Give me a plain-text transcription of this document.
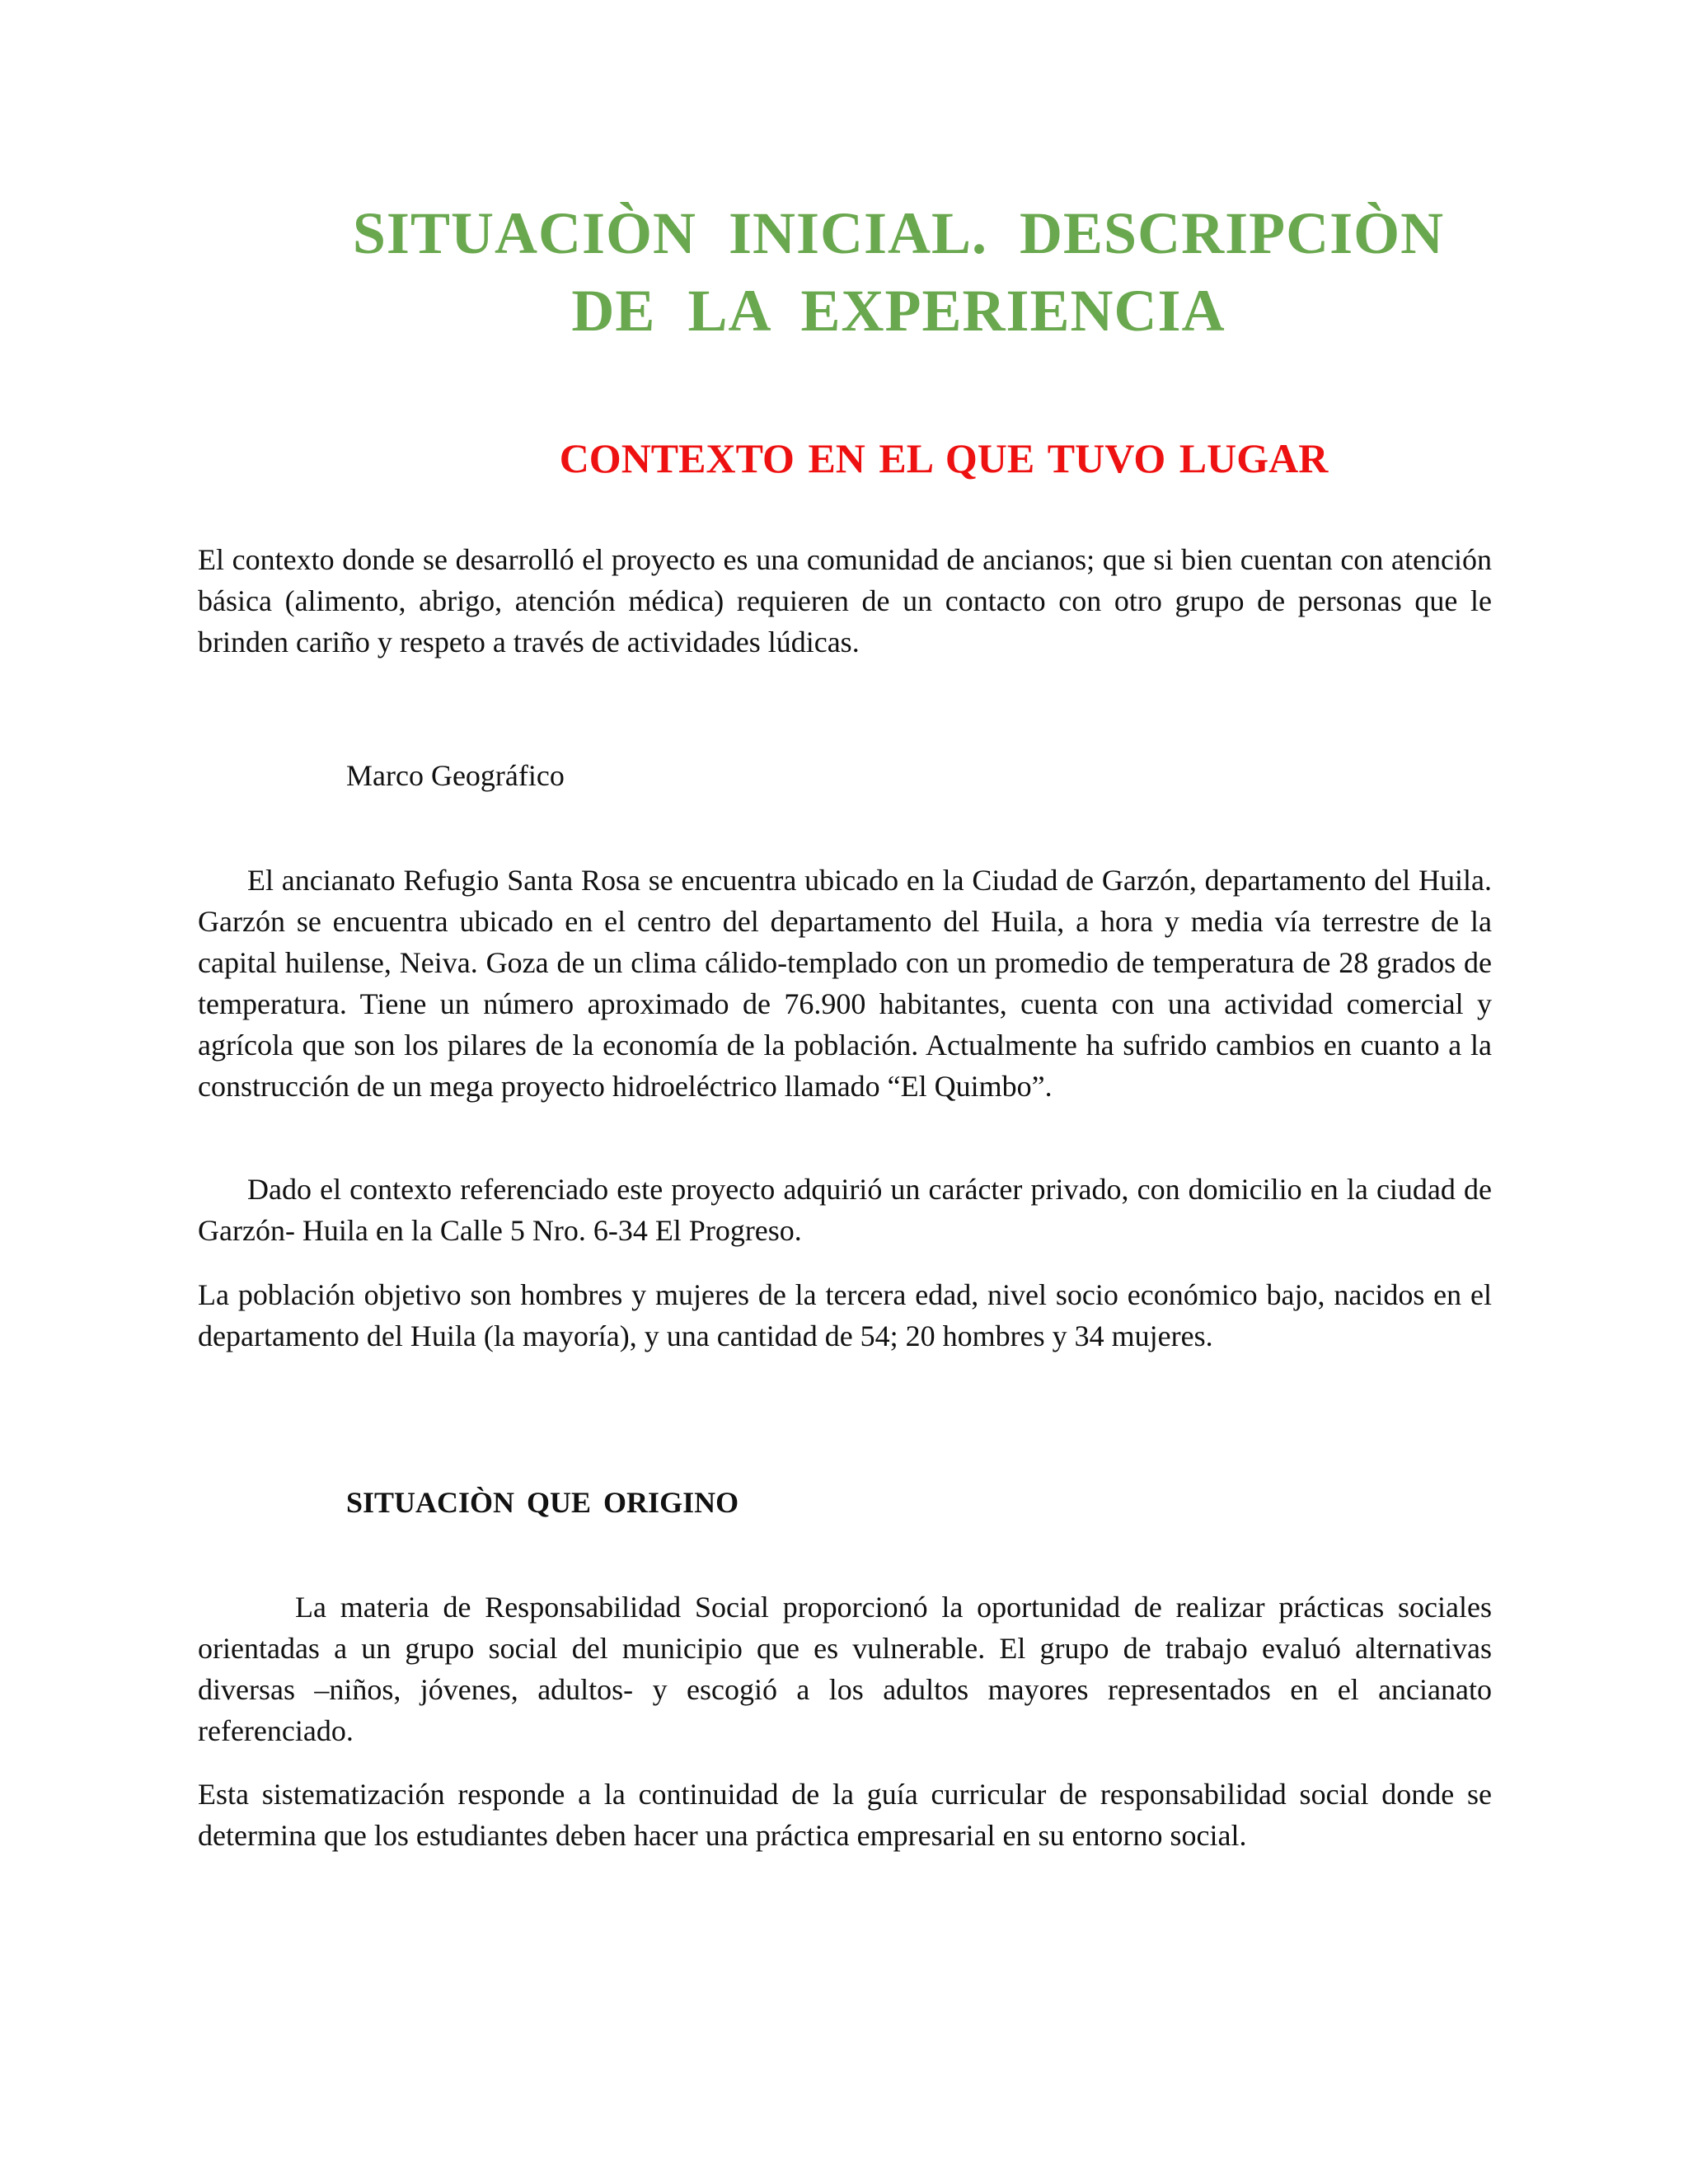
SITUACIÒN INICIAL. DESCRIPCIÒN
DE LA EXPERIENCIA
CONTEXTO EN EL QUE TUVO LUGAR

El contexto donde se desarrolló el proyecto es una comunidad de ancianos; que si bien cuentan con atención básica (alimento, abrigo, atención médica) requieren de un contacto con otro grupo de personas que le brinden cariño y respeto a través de actividades lúdicas.

Marco Geográfico

El ancianato Refugio Santa Rosa se encuentra ubicado en la Ciudad de Garzón, departamento del Huila. Garzón se encuentra ubicado en el centro del departamento del Huila, a hora y media vía terrestre de la capital huilense, Neiva. Goza de un clima cálido-templado con un promedio de temperatura de 28 grados de temperatura. Tiene un número aproximado de 76.900 habitantes, cuenta con una actividad comercial y agrícola que son los pilares de la economía de la población. Actualmente ha sufrido cambios en cuanto a la construcción de un mega proyecto hidroeléctrico llamado “El Quimbo”.

Dado el contexto referenciado este proyecto adquirió un carácter privado, con domicilio en la ciudad de Garzón- Huila en la Calle 5 Nro. 6-34 El Progreso.

La población objetivo son hombres y mujeres de la tercera edad, nivel socio económico bajo, nacidos en el departamento del Huila (la mayoría), y una cantidad de 54; 20 hombres y 34 mujeres.

SITUACIÒN QUE ORIGINO

La materia de Responsabilidad Social proporcionó la oportunidad de realizar prácticas sociales orientadas a un grupo social del municipio que es vulnerable. El grupo de trabajo evaluó alternativas diversas –niños, jóvenes, adultos- y escogió a los adultos mayores representados en el ancianato referenciado.

Esta sistematización responde a la continuidad de la guía curricular de responsabilidad social donde se determina que los estudiantes deben hacer una práctica empresarial en su entorno social.
